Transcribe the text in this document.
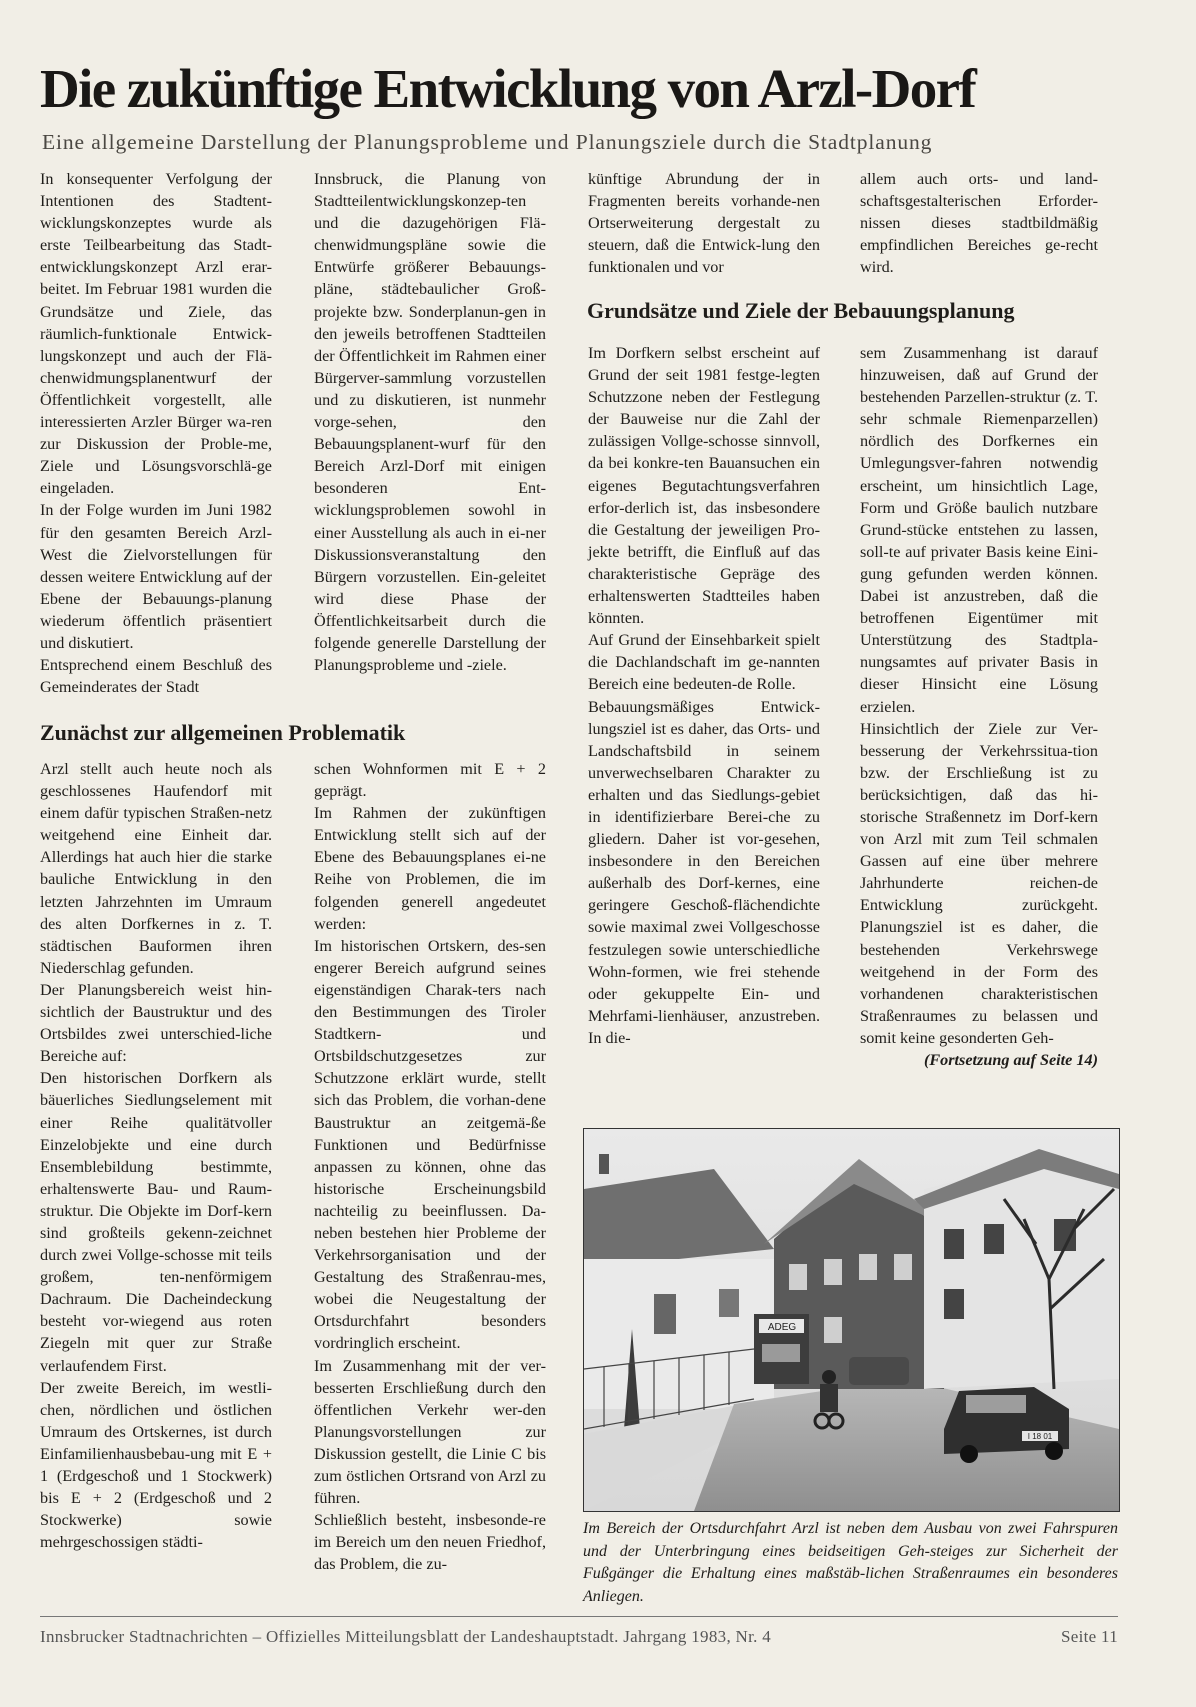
Die zukünftige Entwicklung von Arzl-Dorf
Eine allgemeine Darstellung der Planungsprobleme und Planungsziele durch die Stadtplanung

In konsequenter Verfolgung der Intentionen des Stadtent-wicklungskonzeptes wurde als erste Teilbearbeitung das Stadt-entwicklungskonzept Arzl erar-beitet. Im Februar 1981 wurden die Grundsätze und Ziele, das räumlich-funktionale Entwick-lungskonzept und auch der Flä-chenwidmungsplanentwurf der Öffentlichkeit vorgestellt, alle interessierten Arzler Bürger wa-ren zur Diskussion der Proble-me, Ziele und Lösungsvorschlä-ge eingeladen.

In der Folge wurden im Juni 1982 für den gesamten Bereich Arzl-West die Zielvorstellungen für dessen weitere Entwicklung auf der Ebene der Bebauungs-planung wiederum öffentlich präsentiert und diskutiert.

Entsprechend einem Beschluß des Gemeinderates der Stadt

Innsbruck, die Planung von Stadtteilentwicklungskonzep-ten und die dazugehörigen Flä-chenwidmungspläne sowie die Entwürfe größerer Bebauungs-pläne, städtebaulicher Groß-projekte bzw. Sonderplanun-gen in den jeweils betroffenen Stadtteilen der Öffentlichkeit im Rahmen einer Bürgerver-sammlung vorzustellen und zu diskutieren, ist nunmehr vorge-sehen, den Bebauungsplanent-wurf für den Bereich Arzl-Dorf mit einigen besonderen Ent-wicklungsproblemen sowohl in einer Ausstellung als auch in ei-ner Diskussionsveranstaltung den Bürgern vorzustellen. Ein-geleitet wird diese Phase der Öffentlichkeitsarbeit durch die folgende generelle Darstellung der Planungsprobleme und -ziele.

künftige Abrundung der in Fragmenten bereits vorhande-nen Ortserweiterung dergestalt zu steuern, daß die Entwick-lung den funktionalen und vor

allem auch orts- und land-schaftsgestalterischen Erforder-nissen dieses stadtbildmäßig empfindlichen Bereiches ge-recht wird.

Zunächst zur allgemeinen Problematik

Arzl stellt auch heute noch als geschlossenes Haufendorf mit einem dafür typischen Straßen-netz weitgehend eine Einheit dar. Allerdings hat auch hier die starke bauliche Entwicklung in den letzten Jahrzehnten im Umraum des alten Dorfkernes in z. T. städtischen Bauformen ihren Niederschlag gefunden.

Der Planungsbereich weist hin-sichtlich der Baustruktur und des Ortsbildes zwei unterschied-liche Bereiche auf:

Den historischen Dorfkern als bäuerliches Siedlungselement mit einer Reihe qualitätvoller Einzelobjekte und eine durch Ensemblebildung bestimmte, erhaltenswerte Bau- und Raum-struktur. Die Objekte im Dorf-kern sind großteils gekenn-zeichnet durch zwei Vollge-schosse mit teils großem, ten-nenförmigem Dachraum. Die Dacheindeckung besteht vor-wiegend aus roten Ziegeln mit quer zur Straße verlaufendem First.

Der zweite Bereich, im westli-chen, nördlichen und östlichen Umraum des Ortskernes, ist durch Einfamilienhausbebau-ung mit E + 1 (Erdgeschoß und 1 Stockwerk) bis E + 2 (Erdgeschoß und 2 Stockwerke) sowie mehrgeschossigen städti-

schen Wohnformen mit E + 2 geprägt.

Im Rahmen der zukünftigen Entwicklung stellt sich auf der Ebene des Bebauungsplanes ei-ne Reihe von Problemen, die im folgenden generell angedeutet werden:

Im historischen Ortskern, des-sen engerer Bereich aufgrund seines eigenständigen Charak-ters nach den Bestimmungen des Tiroler Stadtkern- und Ortsbildschutzgesetzes zur Schutzzone erklärt wurde, stellt sich das Problem, die vorhan-dene Baustruktur an zeitgemä-ße Funktionen und Bedürfnisse anpassen zu können, ohne das historische Erscheinungsbild nachteilig zu beeinflussen. Da-neben bestehen hier Probleme der Verkehrsorganisation und der Gestaltung des Straßenrau-mes, wobei die Neugestaltung der Ortsdurchfahrt besonders vordringlich erscheint.

Im Zusammenhang mit der ver-besserten Erschließung durch den öffentlichen Verkehr wer-den Planungsvorstellungen zur Diskussion gestellt, die Linie C bis zum östlichen Ortsrand von Arzl zu führen.

Schließlich besteht, insbesonde-re im Bereich um den neuen Friedhof, das Problem, die zu-

Grundsätze und Ziele der Bebauungsplanung

Im Dorfkern selbst erscheint auf Grund der seit 1981 festge-legten Schutzzone neben der Festlegung der Bauweise nur die Zahl der zulässigen Vollge-schosse sinnvoll, da bei konkre-ten Bauansuchen ein eigenes Begutachtungsverfahren erfor-derlich ist, das insbesondere die Gestaltung der jeweiligen Pro-jekte betrifft, die Einfluß auf das charakteristische Gepräge des erhaltenswerten Stadtteiles haben könnten.

Auf Grund der Einsehbarkeit spielt die Dachlandschaft im ge-nannten Bereich eine bedeuten-de Rolle.

Bebauungsmäßiges Entwick-lungsziel ist es daher, das Orts- und Landschaftsbild in seinem unverwechselbaren Charakter zu erhalten und das Siedlungs-gebiet in identifizierbare Berei-che zu gliedern. Daher ist vor-gesehen, insbesondere in den Bereichen außerhalb des Dorf-kernes, eine geringere Geschoß-flächendichte sowie maximal zwei Vollgeschosse festzulegen sowie unterschiedliche Wohn-formen, wie frei stehende oder gekuppelte Ein- und Mehrfami-lienhäuser, anzustreben. In die-

sem Zusammenhang ist darauf hinzuweisen, daß auf Grund der bestehenden Parzellen-struktur (z. T. sehr schmale Riemenparzellen) nördlich des Dorfkernes ein Umlegungsver-fahren notwendig erscheint, um hinsichtlich Lage, Form und Größe baulich nutzbare Grund-stücke entstehen zu lassen, soll-te auf privater Basis keine Eini-gung gefunden werden können. Dabei ist anzustreben, daß die betroffenen Eigentümer mit Unterstützung des Stadtpla-nungsamtes auf privater Basis in dieser Hinsicht eine Lösung erzielen.

Hinsichtlich der Ziele zur Ver-besserung der Verkehrssitua-tion bzw. der Erschließung ist zu berücksichtigen, daß das hi-storische Straßennetz im Dorf-kern von Arzl mit zum Teil schmalen Gassen auf eine über mehrere Jahrhunderte reichen-de Entwicklung zurückgeht. Planungsziel ist es daher, die bestehenden Verkehrswege weitgehend in der Form des vorhandenen charakteristischen Straßenraumes zu belassen und somit keine gesonderten Geh-

(Fortsetzung auf Seite 14)
ADEG
I 18 01
Im Bereich der Ortsdurchfahrt Arzl ist neben dem Ausbau von zwei Fahrspuren und der Unterbringung eines beidseitigen Geh-steiges zur Sicherheit der Fußgänger die Erhaltung eines maßstäb-lichen Straßenraumes ein besonderes Anliegen.
Innsbrucker Stadtnachrichten – Offizielles Mitteilungsblatt der Landeshauptstadt. Jahrgang 1983, Nr. 4	Seite 11
